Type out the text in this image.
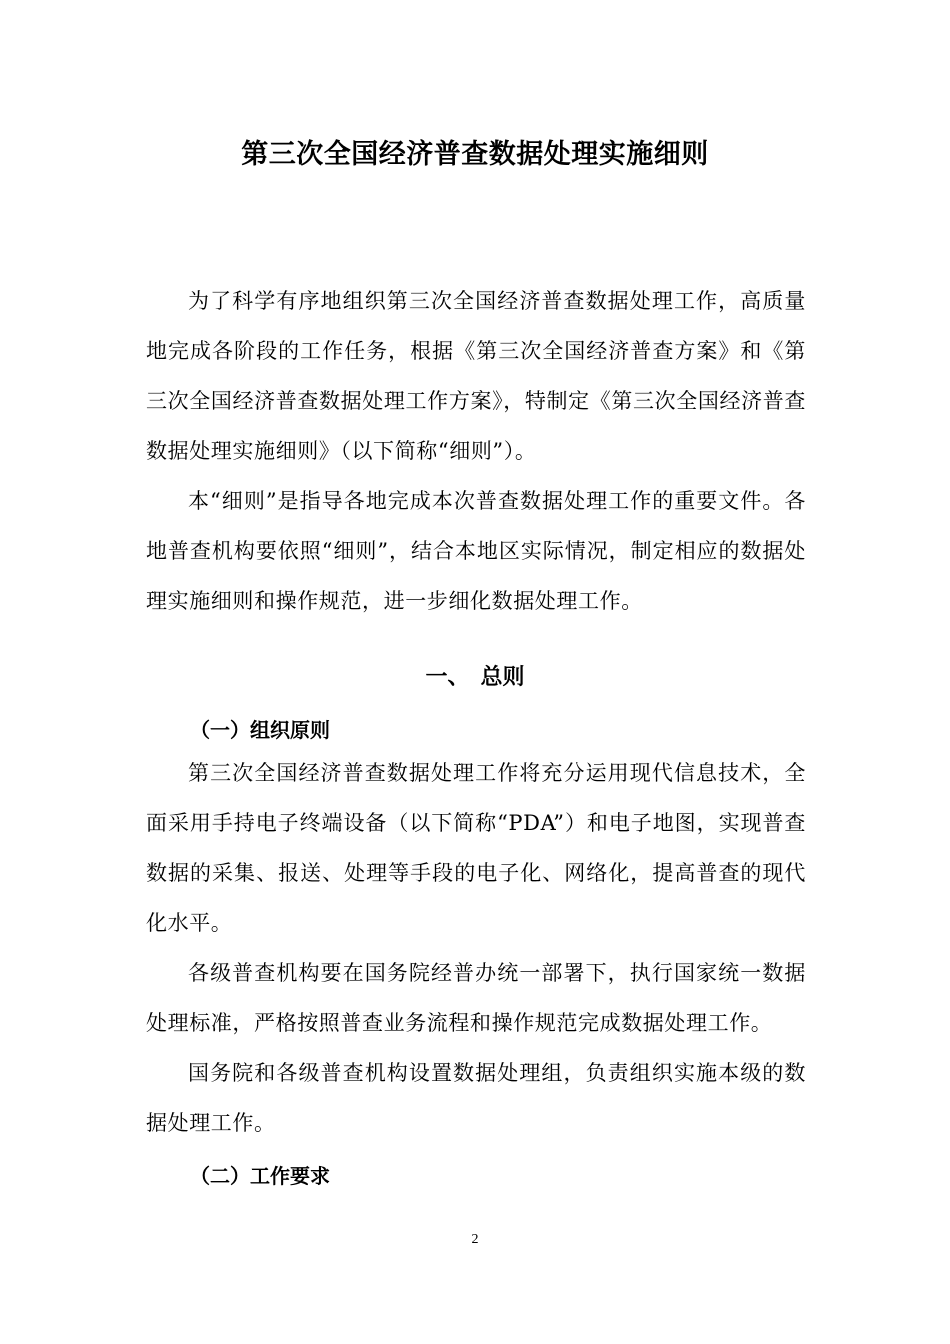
第三次全国经济普查数据处理实施细则

为了科学有序地组织第三次全国经济普查数据处理工作，高质量地完成各阶段的工作任务，根据《第三次全国经济普查方案》和《第三次全国经济普查数据处理工作方案》，特制定《第三次全国经济普查数据处理实施细则》（以下简称“细则”）。

本“细则”是指导各地完成本次普查数据处理工作的重要文件。各地普查机构要依照“细则”，结合本地区实际情况，制定相应的数据处理实施细则和操作规范，进一步细化数据处理工作。

一、　总则
（一）组织原则

第三次全国经济普查数据处理工作将充分运用现代信息技术，全面采用手持电子终端设备（以下简称“PDA”）和电子地图，实现普查数据的采集、报送、处理等手段的电子化、网络化，提高普查的现代化水平。

各级普查机构要在国务院经普办统一部署下，执行国家统一数据处理标准，严格按照普查业务流程和操作规范完成数据处理工作。

国务院和各级普查机构设置数据处理组，负责组织实施本级的数据处理工作。

（二）工作要求
2
